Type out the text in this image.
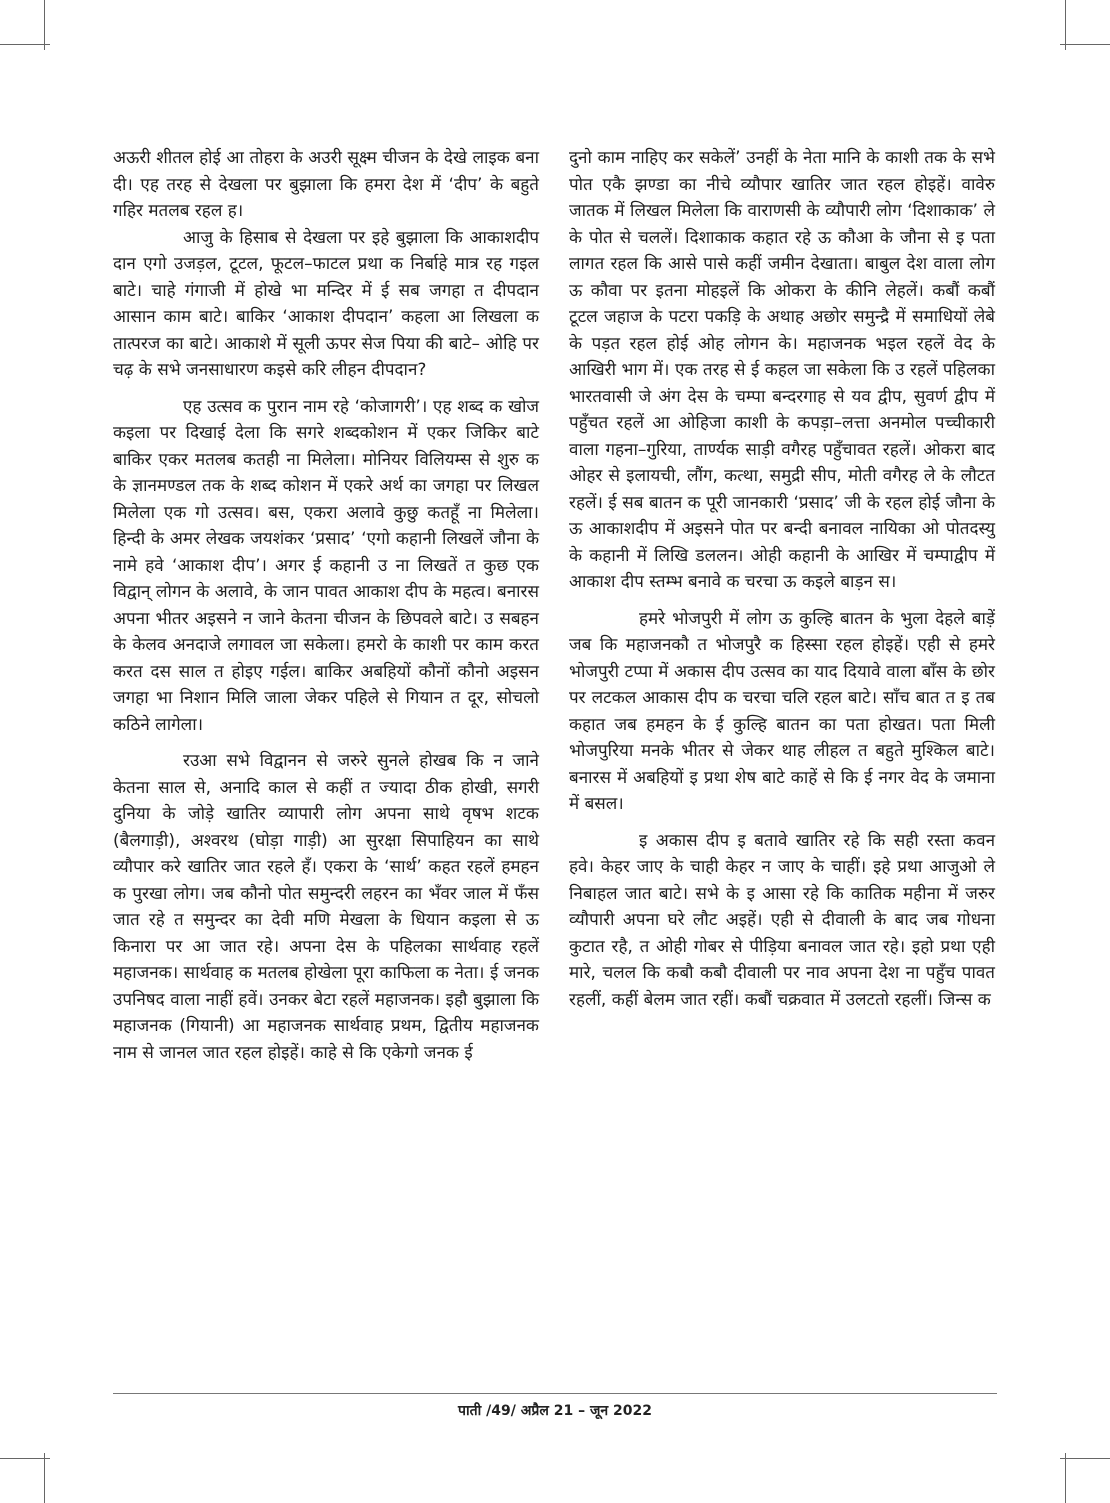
अऊरी शीतल होई आ तोहरा के अउरी सूक्ष्म चीजन के देखे लाइक बना दी। एह तरह से देखला पर बुझाला कि हमरा देश में ‘दीप’ के बहुते गहिर मतलब रहल ह।

आजु के हिसाब से देखला पर इहे बुझाला कि आकाशदीप दान एगो उजड़ल, टूटल, फूटल–फाटल प्रथा क निर्बाहे मात्र रह गइल बाटे। चाहे गंगाजी में होखे भा मन्दिर में ई सब जगहा त दीपदान आसान काम बाटे। बाकिर ‘आकाश दीपदान’ कहला आ लिखला क तात्परज का बाटे। आकाशे में सूली ऊपर सेज पिया की बाटे– ओहि पर चढ़ के सभे जनसाधारण कइसे करि लीहन दीपदान?

एह उत्सव क पुरान नाम रहे ‘कोजागरी’। एह शब्द क खोज कइला पर दिखाई देला कि सगरे शब्दकोशन में एकर जिकिर बाटे बाकिर एकर मतलब कतही ना मिलेला। मोनियर विलियम्स से शुरु क के ज्ञानमण्डल तक के शब्द कोशन में एकरे अर्थ का जगहा पर लिखल मिलेला एक गो उत्सव। बस, एकरा अलावे कुछु कतहूँ ना मिलेला। हिन्दी के अमर लेखक जयशंकर ‘प्रसाद’ ‘एगो कहानी लिखलें जौना के नामे हवे ‘आकाश दीप’। अगर ई कहानी उ ना लिखतें त कुछ एक विद्वान् लोगन के अलावे, के जान पावत आकाश दीप के महत्व। बनारस अपना भीतर अइसने न जाने केतना चीजन के छिपवले बाटे। उ सबहन के केलव अनदाजे लगावल जा सकेला। हमरो के काशी पर काम करत करत दस साल त होइए गईल। बाकिर अबहियों कौनों कौनो अइसन जगहा भा निशान मिलि जाला जेकर पहिले से गियान त दूर, सोचलो कठिने लागेला।

रउआ सभे विद्वानन से जरुरे सुनले होखब कि न जाने केतना साल से, अनादि काल से कहीं त ज्यादा ठीक होखी, सगरी दुनिया के जोड़े खातिर व्यापारी लोग अपना साथे वृषभ शटक (बैलगाड़ी), अश्वरथ (घोड़ा गाड़ी) आ सुरक्षा सिपाहियन का साथे व्यौपार करे खातिर जात रहले हँ। एकरा के ‘सार्थ’ कहत रहलें हमहन क पुरखा लोग। जब कौनो पोत समुन्दरी लहरन का भँवर जाल में फँस जात रहे त समुन्दर का देवी मणि मेखला के धियान कइला से ऊ किनारा पर आ जात रहे। अपना देस के पहिलका सार्थवाह रहलें महाजनक। सार्थवाह क मतलब होखेला पूरा काफिला क नेता। ई जनक उपनिषद वाला नाहीं हवें। उनकर बेटा रहलें महाजनक। इहौ बुझाला कि महाजनक (गियानी) आ महाजनक सार्थवाह प्रथम, द्वितीय महाजनक नाम से जानल जात रहल होइहें। काहे से कि एकेगो जनक ई

दुनो काम नाहिए कर सकेलें’ उनहीं के नेता मानि के काशी तक के सभे पोत एकै झण्डा का नीचे व्यौपार खातिर जात रहल होइहें। वावेरु जातक में लिखल मिलेला कि वाराणसी के व्यौपारी लोग ‘दिशाकाक’ ले के पोत से चललें। दिशाकाक कहात रहे ऊ कौआ के जौना से इ पता लागत रहल कि आसे पासे कहीं जमीन देखाता। बाबुल देश वाला लोग ऊ कौवा पर इतना मोहइलें कि ओकरा के कीनि लेहलें। कबौं कबौं टूटल जहाज के पटरा पकड़ि के अथाह अछोर समुन्द्रै में समाधियों लेबे के पड़त रहल होई ओह लोगन के। महाजनक भइल रहलें वेद के आखिरी भाग में। एक तरह से ई कहल जा सकेला कि उ रहलें पहिलका भारतवासी जे अंग देस के चम्पा बन्दरगाह से यव द्वीप, सुवर्ण द्वीप में पहुँचत रहलें आ ओहिजा काशी के कपड़ा–लत्ता अनमोल पच्चीकारी वाला गहना–गुरिया, तार्ण्यक साड़ी वगैरह पहुँचावत रहलें। ओकरा बाद ओहर से इलायची, लौंग, कत्था, समुद्री सीप, मोती वगैरह ले के लौटत रहलें। ई सब बातन क पूरी जानकारी ‘प्रसाद’ जी के रहल होई जौना के ऊ आकाशदीप में अइसने पोत पर बन्दी बनावल नायिका ओ पोतदस्यु के कहानी में लिखि डललन। ओही कहानी के आखिर में चम्पाद्वीप में आकाश दीप स्तम्भ बनावे क चरचा ऊ कइले बाड़न स।

हमरे भोजपुरी में लोग ऊ कुल्हि बातन के भुला देहले बाड़ें जब कि महाजनकौ त भोजपुरै क हिस्सा रहल होइहें। एही से हमरे भोजपुरी टप्पा में अकास दीप उत्सव का याद दियावे वाला बाँस के छोर पर लटकल आकास दीप क चरचा चलि रहल बाटे। साँच बात त इ तब कहात जब हमहन के ई कुल्हि बातन का पता होखत। पता मिली भोजपुरिया मनके भीतर से जेकर थाह लीहल त बहुते मुश्किल बाटे। बनारस में अबहियों इ प्रथा शेष बाटे काहें से कि ई नगर वेद के जमाना में बसल।

इ अकास दीप इ बतावे खातिर रहे कि सही रस्ता कवन हवे। केहर जाए के चाही केहर न जाए के चाहीं। इहे प्रथा आजुओ ले निबाहल जात बाटे। सभे के इ आसा रहे कि कातिक महीना में जरुर व्यौपारी अपना घरे लौट अइहें। एही से दीवाली के बाद जब गोधना कुटात रहै, त ओही गोबर से पीड़िया बनावल जात रहे। इहो प्रथा एही मारे, चलल कि कबौ कबौ दीवाली पर नाव अपना देश ना पहुँच पावत रहलीं, कहीं बेलम जात रहीं। कबौं चक्रवात में उलटतो रहलीं। जिन्स क

पाती /49/ अप्रैल 21 – जून 2022
